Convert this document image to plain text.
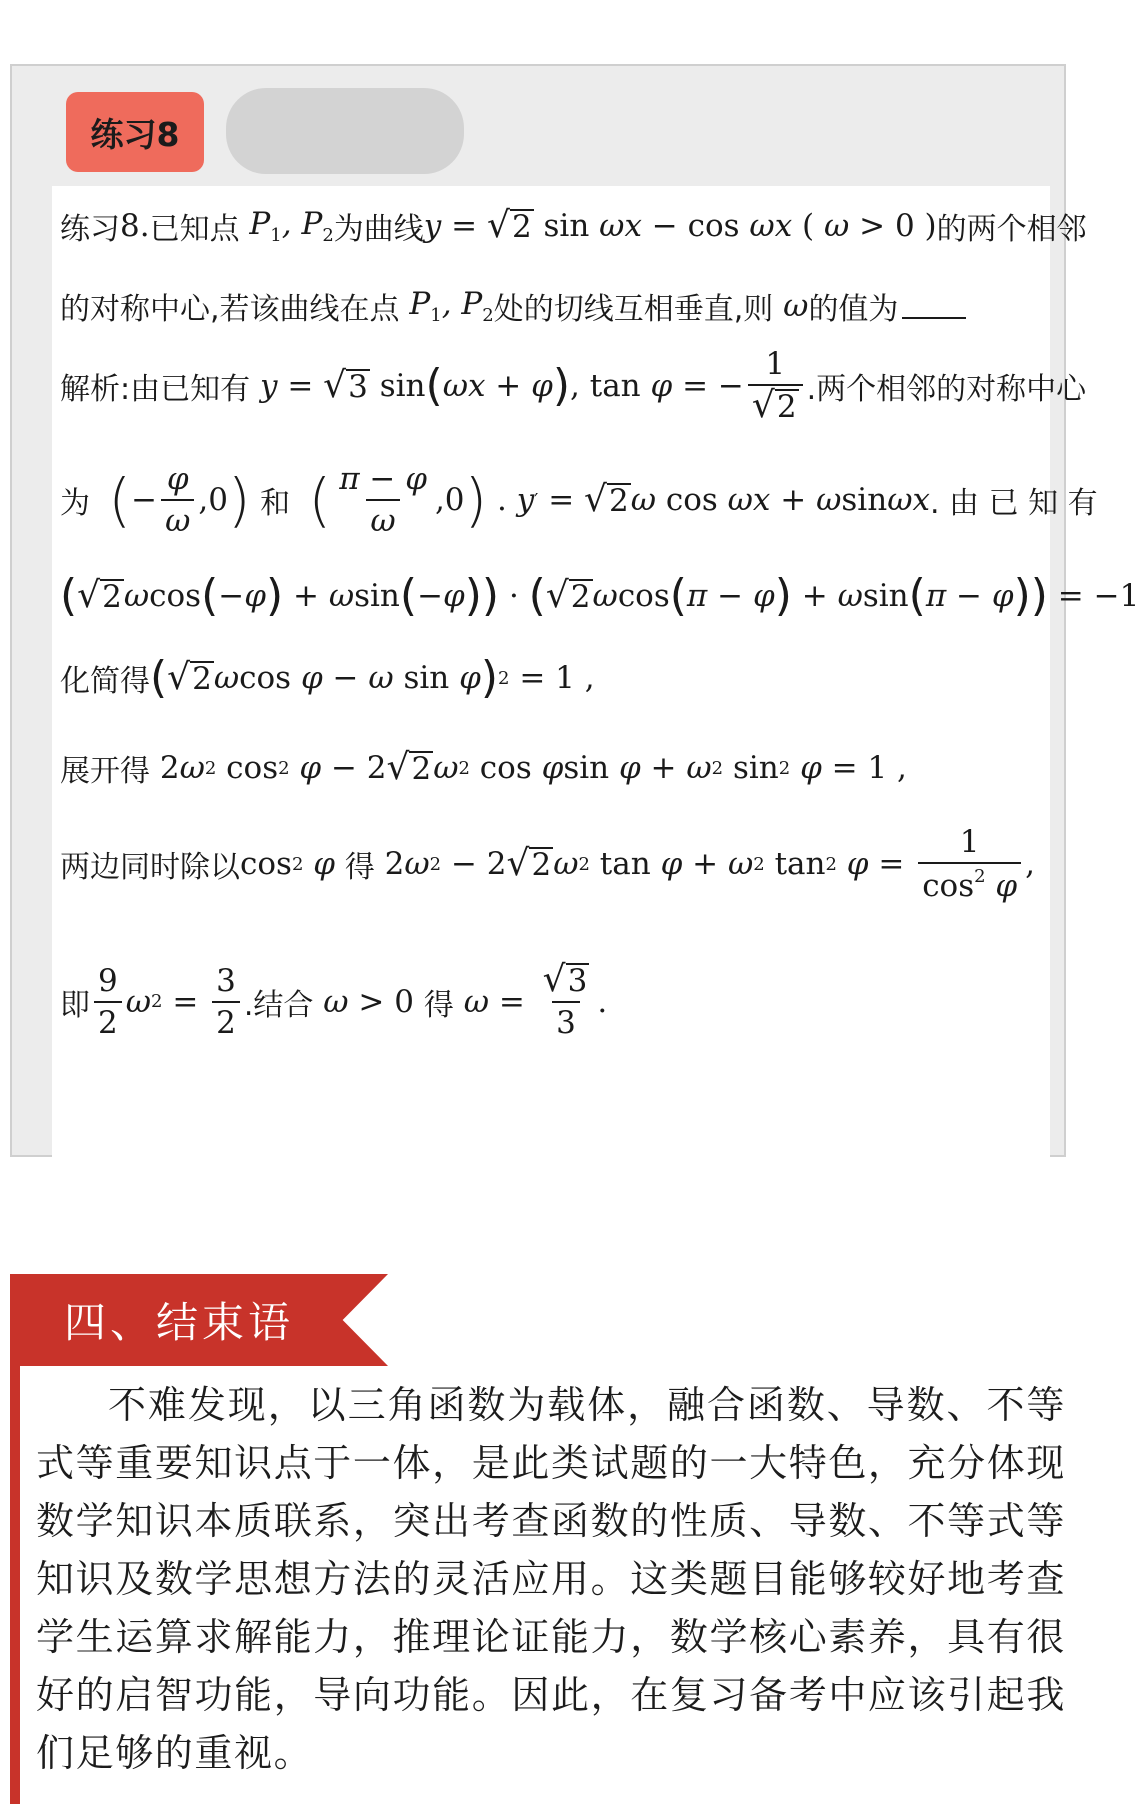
练习8
练习 8. 已知点 $P_1$, $P_2$ 为曲线 y = √ 2 sin ωx − cos ωx ( ω > 0 ) 的两个相邻
的对称中心,若该曲线在点 $P_1$, $P_2$ 处的切线互相垂直,则 ω 的值为
解析:由已知有 y = √ 3 sin ( ωx + φ ) , tan φ = − $\frac{1}{√ 2}$ .两个相邻的对称中心
为 ( − $\frac{\varphi}{\omega} ,0$ )
和 ( $\frac{\pi - \varphi}{\omega} ,0$ ) . y ′ = √ 2 ω cos ωx + ω sin ωx . 由 已 知 有
( √ 2 ω cos ( − φ ) + ω sin ( − φ )) · ( √ 2 ω cos ( π − φ ) + ω sin ( π − φ )) = −1
化简得 ( √ 2 ω cos φ − ω sin φ ) 2 = 1 ,
展开得 2 ω 2 cos 2 φ − 2 √ 2 ω 2 cos φ sin φ + ω 2 sin 2 φ = 1 ,
两边同时除以 cos 2 φ 得 2 ω 2 − 2 √ 2 ω 2 tan φ + ω 2 tan 2 $\varphi = \frac{1}{\cos^2 \varphi}$ ,
即 $\frac{9}{2}$ ω $2 = \frac{3}{2}$ .结合 ω > 0 得 $\omega = \frac{√ 3}{3}$ .
四、结束语
不难发现，以三角函数为载体，融合函数、导数、不等式等重要知识点于一体，是此类试题的一大特色，充分体现数学知识本质联系，突出考查函数的性质、导数、不等式等知识及数学思想方法的灵活应用。这类题目能够较好地考查学生运算求解能力，推理论证能力，数学核心素养，具有很好的启智功能，导向功能。因此，在复习备考中应该引起我们足够的重视。
